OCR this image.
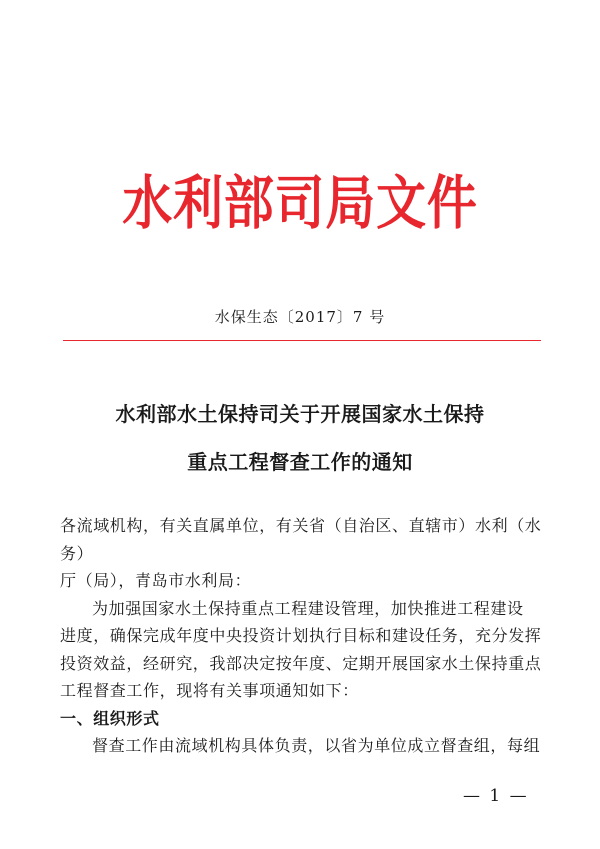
水利部司局文件
水保生态〔2017〕7 号
水利部水土保持司关于开展国家水土保持
重点工程督查工作的通知

各流域机构，有关直属单位，有关省（自治区、直辖市）水利（水务）

厅（局），青岛市水利局：

为加强国家水土保持重点工程建设管理，加快推进工程建设

进度，确保完成年度中央投资计划执行目标和建设任务，充分发挥

投资效益，经研究，我部决定按年度、定期开展国家水土保持重点

工程督查工作，现将有关事项通知如下：

一、组织形式

督查工作由流域机构具体负责，以省为单位成立督查组，每组

— 1 —
